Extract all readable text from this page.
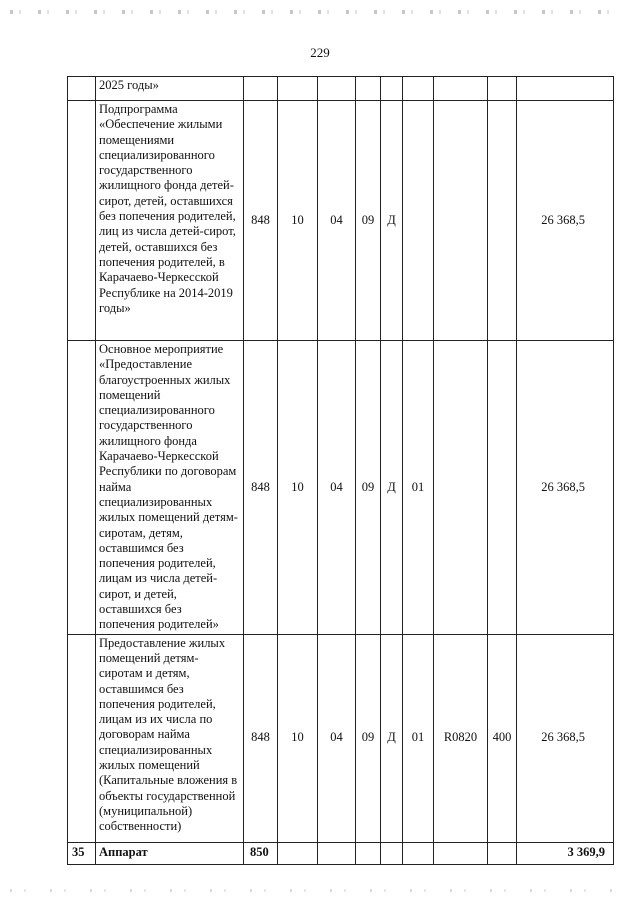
229
	2025 годы»									
	Подпрограмма «Обеспечение жилыми помещениями специализированного государственного жилищного фонда детей-сирот, детей, оставшихся без попечения родителей, лиц из числа детей-сирот, детей, оставшихся без попечения родителей, в Карачаево-Черкесской Республике на 2014-2019 годы»	848	10	04	09	Д				26 368,5
	Основное мероприятие «Предоставление благоустроенных жилых помещений специализированного государственного жилищного фонда Карачаево-Черкесской Республики по договорам найма специализированных жилых помещений детям-сиротам, детям, оставшимся без попечения родителей, лицам из числа детей-сирот, и детей, оставшихся без попечения родителей»	848	10	04	09	Д	01			26 368,5
	Предоставление жилых помещений детям-сиротам и детям, оставшимся без попечения родителей, лицам из их числа по договорам найма специализированных жилых помещений (Капитальные вложения в объекты государственной (муниципальной) собственности)	848	10	04	09	Д	01	R0820	400	26 368,5
35	Аппарат	850								3 369,9
